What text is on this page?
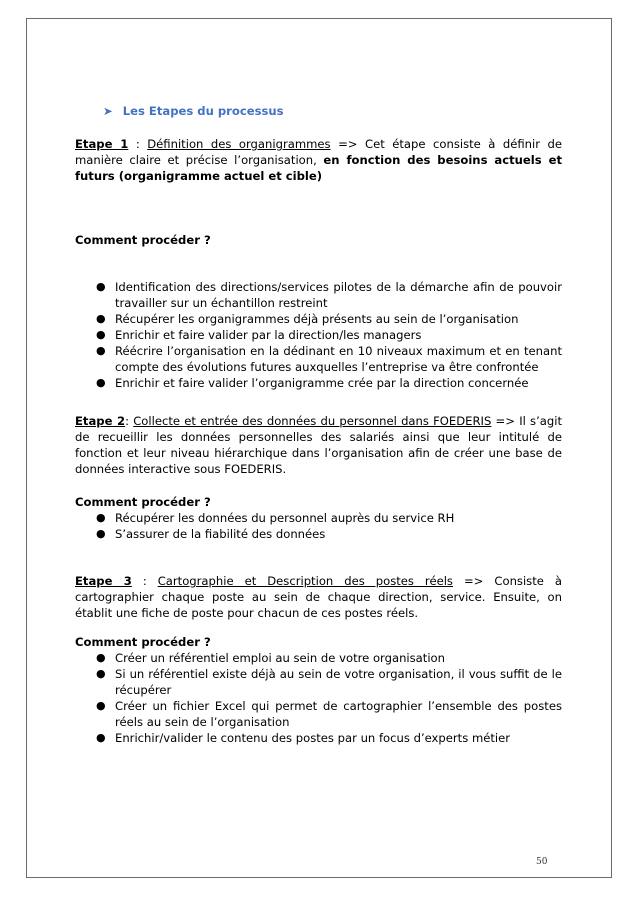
➤ Les Etapes du processus

Etape 1 : Définition des organigrammes => Cet étape consiste à définir de manière claire et précise l’organisation, en fonction des besoins actuels et futurs (organigramme actuel et cible)

Comment procéder ?

● Identification des directions/services pilotes de la démarche afin de pouvoir travailler sur un échantillon restreint
● Récupérer les organigrammes déjà présents au sein de l’organisation
● Enrichir et faire valider par la direction/les managers
● Réécrire l’organisation en la dédinant en 10 niveaux maximum et en tenant compte des évolutions futures auxquelles l’entreprise va être confrontée
● Enrichir et faire valider l’organigramme crée par la direction concernée

Etape 2: Collecte et entrée des données du personnel dans FOEDERIS => Il s’agit de recueillir les données personnelles des salariés ainsi que leur intitulé de fonction et leur niveau hiérarchique dans l’organisation afin de créer une base de données interactive sous FOEDERIS.

Comment procéder ?

● Récupérer les données du personnel auprès du service RH
● S’assurer de la fiabilité des données

Etape 3 : Cartographie et Description des postes réels => Consiste à cartographier chaque poste au sein de chaque direction, service. Ensuite, on établit une fiche de poste pour chacun de ces postes réels.

Comment procéder ?

● Créer un référentiel emploi au sein de votre organisation
● Si un référentiel existe déjà au sein de votre organisation, il vous suffit de le récupérer
● Créer un fichier Excel qui permet de cartographier l’ensemble des postes réels au sein de l’organisation
● Enrichir/valider le contenu des postes par un focus d’experts métier
50
